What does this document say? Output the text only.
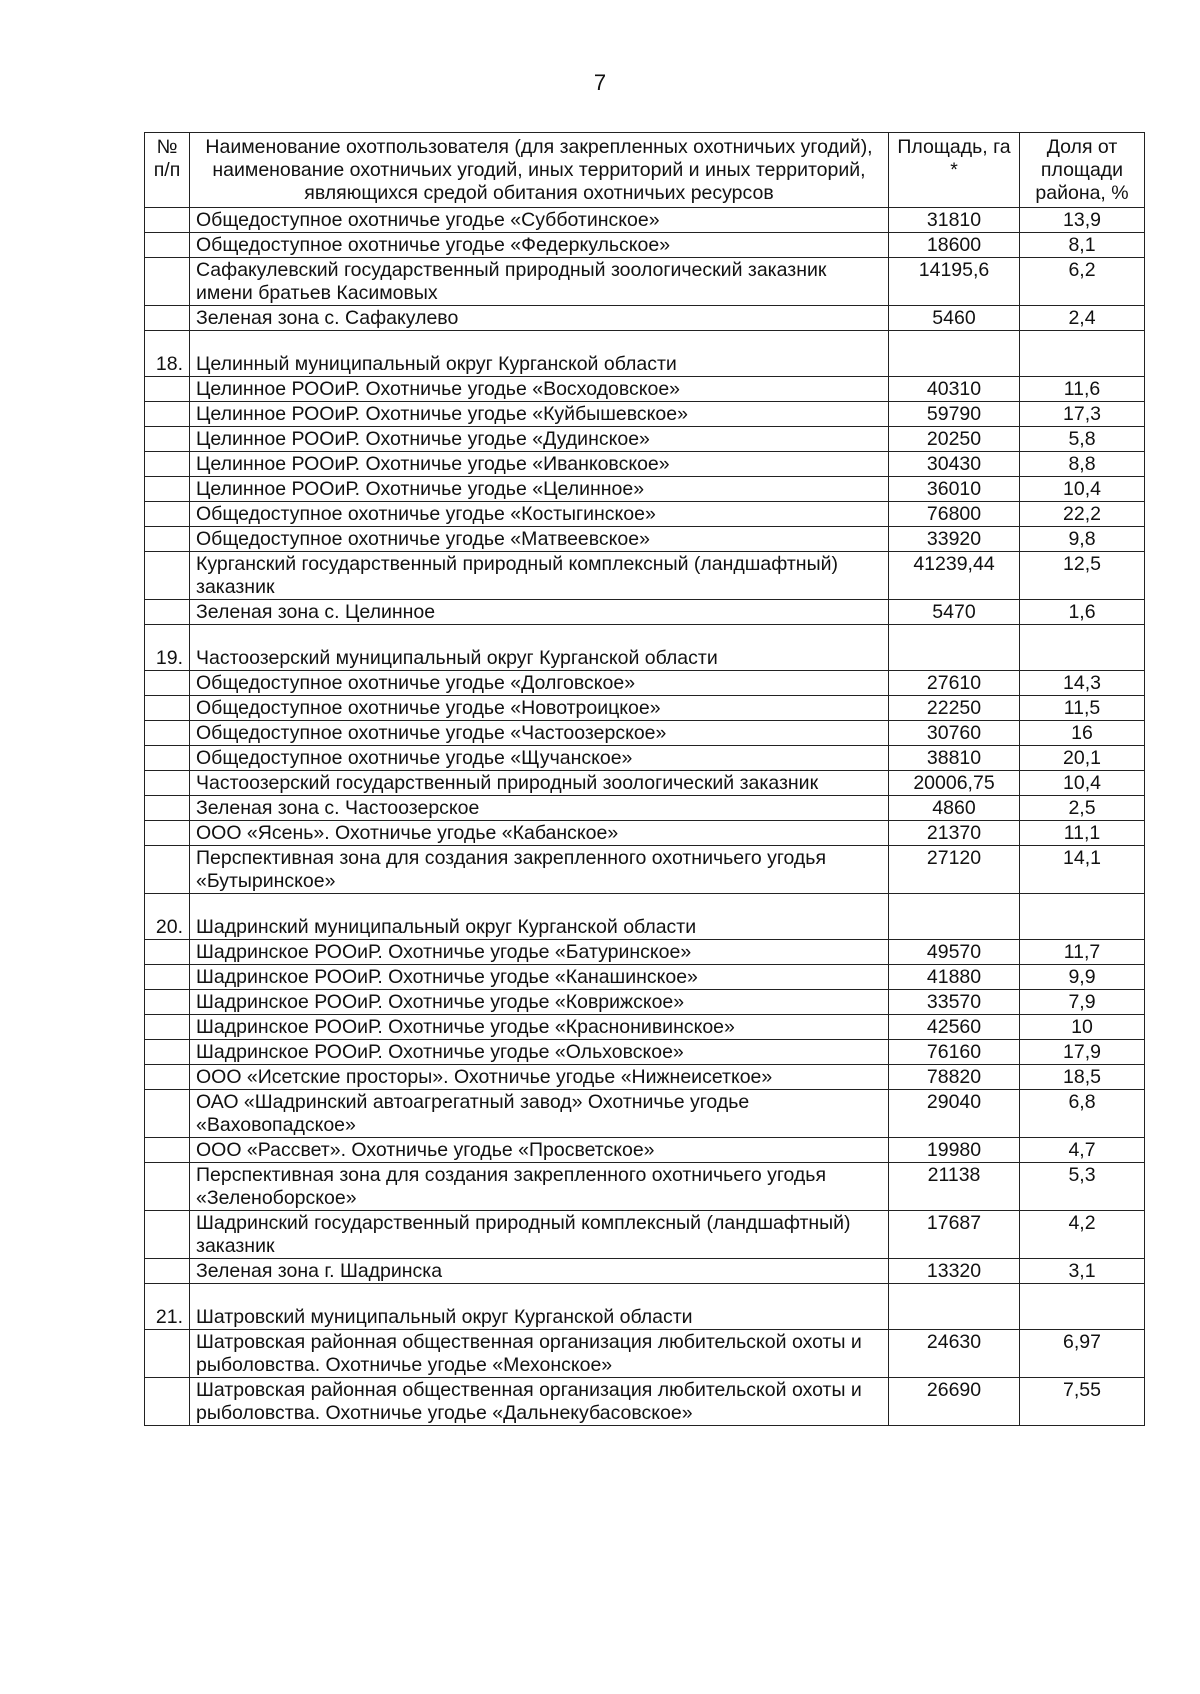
7
№ п/п	Наименование охотпользователя (для закрепленных охотничьих угодий), наименование охотничьих угодий, иных территорий и иных территорий, являющихся средой обитания охотничьих ресурсов	Площадь, га *	Доля от площади района, %
	Общедоступное охотничье угодье «Субботинское»	31810	13,9
	Общедоступное охотничье угодье «Федеркульское»	18600	8,1
	Сафакулевский государственный природный зоологический заказник имени братьев Касимовых	14195,6	6,2
	Зеленая зона с. Сафакулево	5460	2,4
18.	Целинный муниципальный округ Курганской области		
	Целинное РООиР. Охотничье угодье «Восходовское»	40310	11,6
	Целинное РООиР. Охотничье угодье «Куйбышевское»	59790	17,3
	Целинное РООиР. Охотничье угодье «Дудинское»	20250	5,8
	Целинное РООиР. Охотничье угодье «Иванковское»	30430	8,8
	Целинное РООиР. Охотничье угодье «Целинное»	36010	10,4
	Общедоступное охотничье угодье «Костыгинское»	76800	22,2
	Общедоступное охотничье угодье «Матвеевское»	33920	9,8
	Курганский государственный природный комплексный (ландшафтный) заказник	41239,44	12,5
	Зеленая зона с. Целинное	5470	1,6
19.	Частоозерский муниципальный округ Курганской области		
	Общедоступное охотничье угодье «Долговское»	27610	14,3
	Общедоступное охотничье угодье «Новотроицкое»	22250	11,5
	Общедоступное охотничье угодье «Частоозерское»	30760	16
	Общедоступное охотничье угодье «Щучанское»	38810	20,1
	Частоозерский государственный природный зоологический заказник	20006,75	10,4
	Зеленая зона с. Частоозерское	4860	2,5
	ООО «Ясень». Охотничье угодье «Кабанское»	21370	11,1
	Перспективная зона для создания закрепленного охотничьего угодья «Бутыринское»	27120	14,1
20.	Шадринский муниципальный округ Курганской области		
	Шадринское РООиР. Охотничье угодье «Батуринское»	49570	11,7
	Шадринское РООиР. Охотничье угодье «Канашинское»	41880	9,9
	Шадринское РООиР. Охотничье угодье «Коврижское»	33570	7,9
	Шадринское РООиР. Охотничье угодье «Краснонивинское»	42560	10
	Шадринское РООиР. Охотничье угодье «Ольховское»	76160	17,9
	ООО «Исетские просторы». Охотничье угодье «Нижнеисеткое»	78820	18,5
	ОАО «Шадринский автоагрегатный завод» Охотничье угодье «Ваховопадское»	29040	6,8
	ООО «Рассвет». Охотничье угодье «Просветское»	19980	4,7
	Перспективная зона для создания закрепленного охотничьего угодья «Зеленоборское»	21138	5,3
	Шадринский государственный природный комплексный (ландшафтный) заказник	17687	4,2
	Зеленая зона г. Шадринска	13320	3,1
21.	Шатровский муниципальный округ Курганской области		
	Шатровская районная общественная организация любительской охоты и рыболовства. Охотничье угодье «Мехонское»	24630	6,97
	Шатровская районная общественная организация любительской охоты и рыболовства. Охотничье угодье «Дальнекубасовское»	26690	7,55
